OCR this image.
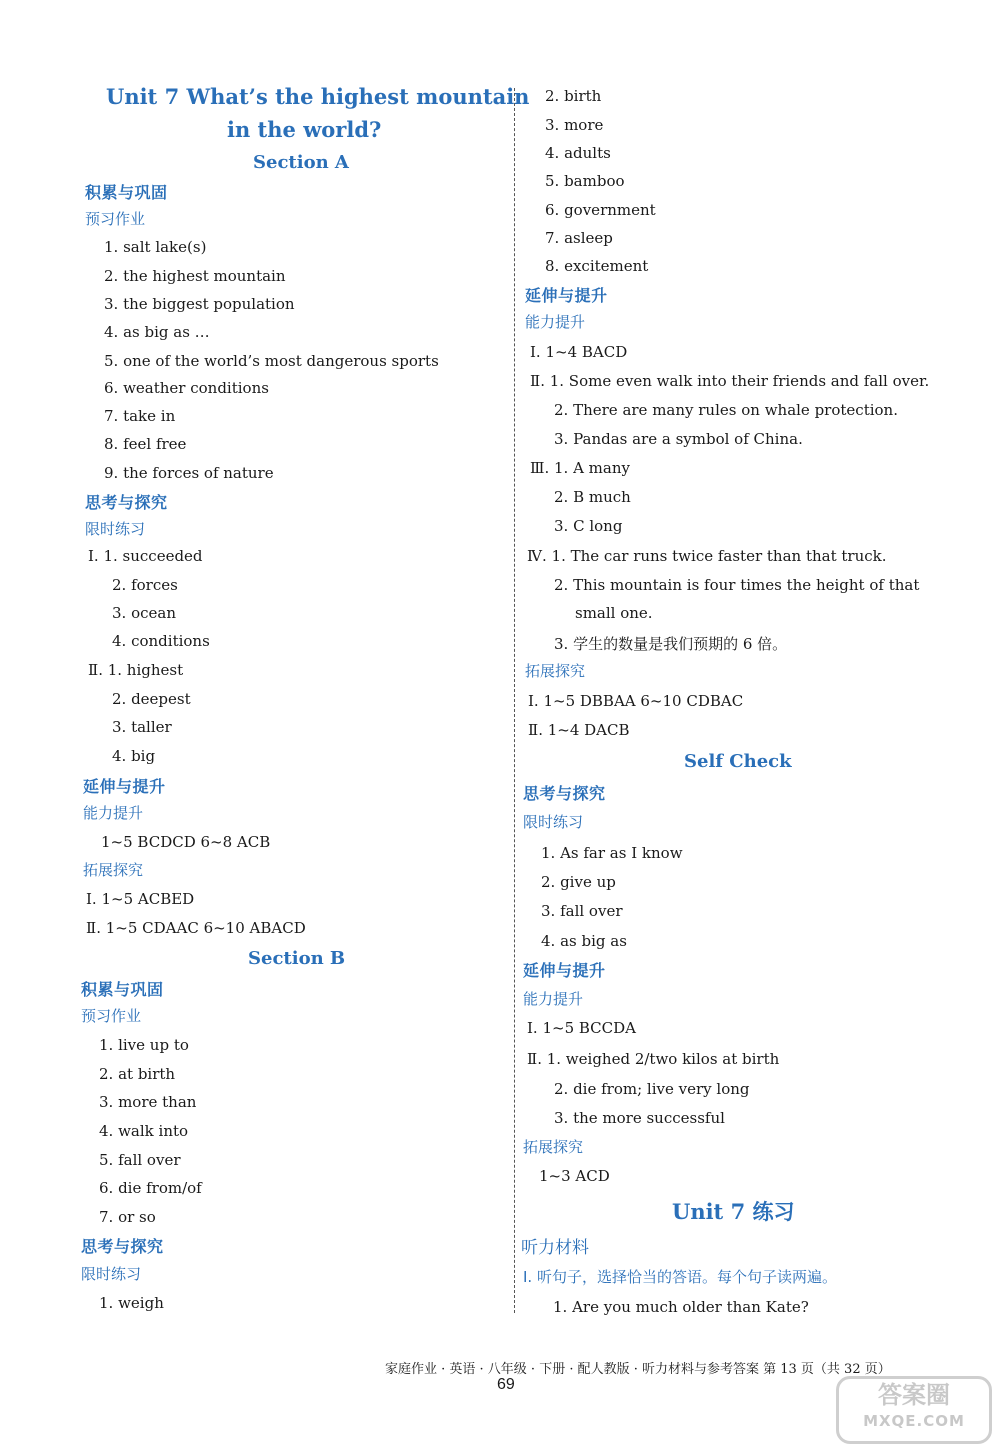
Unit 7 What’s the highest mountain
in the world?
Section A
积累与巩固
预习作业
1. salt lake(s)
2. the highest mountain
3. the biggest population
4. as big as …
5. one of the world’s most dangerous sports
6. weather conditions
7. take in
8. feel free
9. the forces of nature
思考与探究
限时练习
Ⅰ. 1. succeeded
2. forces
3. ocean
4. conditions
Ⅱ. 1. highest
2. deepest
3. taller
4. big
延伸与提升
能力提升
1~5 BCDCD 6~8 ACB
拓展探究
Ⅰ. 1~5 ACBED
Ⅱ. 1~5 CDAAC 6~10 ABACD
Section B
积累与巩固
预习作业
1. live up to
2. at birth
3. more than
4. walk into
5. fall over
6. die from/of
7. or so
思考与探究
限时练习
1. weigh
2. birth
3. more
4. adults
5. bamboo
6. government
7. asleep
8. excitement
延伸与提升
能力提升
Ⅰ. 1~4 BACD
Ⅱ. 1. Some even walk into their friends and fall over.
2. There are many rules on whale protection.
3. Pandas are a symbol of China.
Ⅲ. 1. A many
2. B much
3. C long
Ⅳ. 1. The car runs twice faster than that truck.
2. This mountain is four times the height of that
small one.
3. 学生的数量是我们预期的 6 倍。
拓展探究
Ⅰ. 1~5 DBBAA 6~10 CDBAC
Ⅱ. 1~4 DACB
Self Check
思考与探究
限时练习
1. As far as I know
2. give up
3. fall over
4. as big as
延伸与提升
能力提升
Ⅰ. 1~5 BCCDA
Ⅱ. 1. weighed 2/two kilos at birth
2. die from; live very long
3. the more successful
拓展探究
1~3 ACD
Unit 7 练习
听力材料
Ⅰ. 听句子，选择恰当的答语。每个句子读两遍。
1. Are you much older than Kate?
家庭作业 · 英语 · 八年级 · 下册 · 配人教版 · 听力材料与参考答案 第 13 页（共 32 页）
69	答案圈
MXQE.COM
